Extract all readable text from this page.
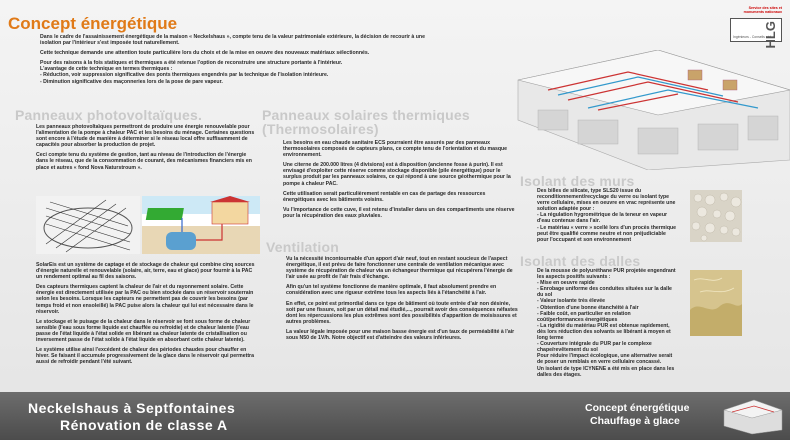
Concept énergétique
Service des sites et
monuments nationaux
HLG
Ingénieurs - Conseils sàrl

Dans le cadre de l'assainissement énergétique de la maison « Neckelshaus », compte tenu de la valeur patrimoniale extérieure, la décision de recourir à une isolation par l'intérieur s'est imposée tout naturellement.

Cette technique demande une attention toute particulière lors du choix et de la mise en oeuvre des nouveaux matériaux sélectionnés.

Pour des raisons à la fois statiques et thermiques a été retenue l'option de reconstruire une structure portante à l'intérieur.
L'avantage de cette technique en termes thermiques :
- Réduction, voir suppression significative des ponts thermiques engendrés par la technique de l'isolation intérieure.
- Diminution significative des maçonneries lors de la pose de pare vapeur.
Panneaux photovoltaïques.

Les panneaux photovoltaïques permettront de produire une énergie renouvelable pour l'alimentation de la pompe à chaleur PAC et les besoins du ménage. Certaines questions sont encore à l'étude de manière à déterminer si le réseau local offre suffisamment de capacités pour absorber la production de projet.

Ceci compte tenu du système de gestion, tant au niveau de l'introduction de l'énergie dans le réseau, que de la consommation de courant, des mécanismes financiers mis en place et autres « fond Nova Naturstroum ».

SolarEis est un système de captage et de stockage de chaleur qui combine cinq sources d'énergie naturelle et renouvelable (solaire, air, terre, eau et glace) pour fournir à la PAC un rendement optimal au fil des saisons.

Des capteurs thermiques captent la chaleur de l'air et du rayonnement solaire. Cette énergie est directement utilisée par la PAC ou bien stockée dans un réservoir souterrain selon les besoins. Lorsque les capteurs ne permettent pas de couvrir les besoins (par temps froid et non ensoleillé) la PAC puise alors la chaleur qui lui est nécessaire dans le réservoir.

Le stockage et le puisage de la chaleur dans le réservoir se font sous forme de chaleur sensible (l'eau sous forme liquide est chauffée ou refroidie) et de chaleur latente (l'eau passe de l'état liquide à l'état solide en libérant sa chaleur latente de cristallisation ou inversement passe de l'état solide à l'état liquide en absorbant cette chaleur latente).

Le système utilise ainsi l'excédent de chaleur des périodes chaudes pour chauffer en hiver. Se faisant il accumule progressivement de la glace dans le réservoir qui permettra aussi de refroidir pendant l'été suivant.

Panneaux solaires thermiques (Thermosolaires)

Les besoins en eau chaude sanitaire ECS pourraient être assurés par des panneaux thermosolaires composés de capteurs plans, ce compte tenu de l'orientation et du masque environnement.

Une citerne de 200.000 litres (4 divisions) est à disposition (ancienne fosse à purin). Il est envisagé d'exploiter cette réserve comme stockage disponible (pile énergétique) pour le surplus produit par les panneaux solaires, ce qui répond à une source géothermique pour la pompe à chaleur PAC.

Cette utilisation serait particulièrement rentable en cas de partage des ressources énergétiques avec les bâtiments voisins.

Vu l'importance de cette cuve, il est retenu d'installer dans un des compartiments une réserve pour la récupération des eaux pluviales.

Ventilation

Vu la nécessité incontournable d'un apport d'air neuf, tout en restant soucieux de l'aspect énergétique, il est prévu de faire fonctionner une centrale de ventilation mécanique avec système de récupération de chaleur via un échangeur thermique qui récupérera l'énergie de l'air usée au profit de l'air frais d'échange.

Afin qu'un tel système fonctionne de manière optimale, il faut absolument prendre en considération avec une rigueur extrême tous les aspects liés à l'étanchéité à l'air.

En effet, ce point est primordial dans ce type de bâtiment où toute entrée d'air non désirée, soit par une fissure, soit par un détail mal étudié,..., pourrait avoir des conséquences néfastes dont les répercussions les plus extrêmes sont des possibilités d'apparition de moisissures et autres problèmes.

La valeur légale imposée pour une maison basse énergie est d'un taux de perméabilité à l'air sous N50 de 1V/h. Notre objectif est d'atteindre des valeurs inférieures.

Isolant des murs
Des billes de silicate, type SLS20 issue du reconditionnement/recyclage du verre ou isolant type verre cellulaire, mises en oeuvre en vrac représente une solution adaptée pour :
- La régulation hygrométrique de la teneur en vapeur d'eau contenue dans l'air.
- Le matériau « verre » scellé lors d'un procès thermique peut être qualifié comme neutre et non préjudiciable pour l'occupant et son environnement
Isolant des dalles
De la mousse de polyuréthane PUR projetée engendrant les aspects positifs suivants :
- Mise en oeuvre rapide
- Enrobage uniforme des conduites situées sur la dalle du sol
- Valeur isolante très élevée
- Obtention d'une bonne étanchéité à l'air
- Faible coût, en particulier en relation coût/performances énergétiques
- La rigidité du matériau PUR est obtenue rapidement, dès lors réduction des solvants se libérant à moyen et long terme
- Couverture intégrale du PUR par le complexe chape/revêtement du sol
Pour réduire l'impact écologique, une alternative serait de poser un remblais en verre cellulaire concassé.
Un isolant de type ICYNENE a été mis en place dans les dalles des étages.
Neckelshaus à Septfontaines
Rénovation de classe A
Concept énergétique
Chauffage à glace
